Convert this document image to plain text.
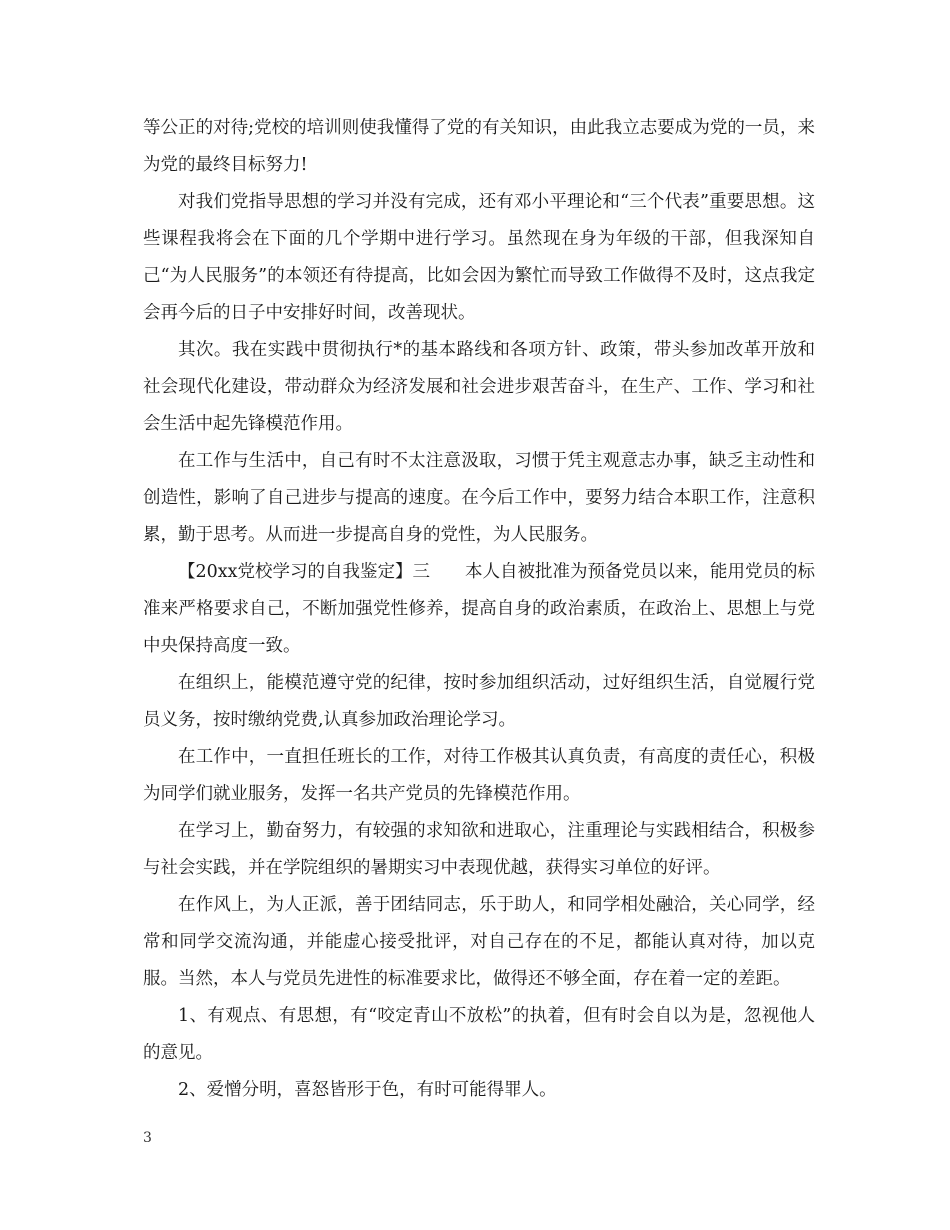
等公正的对待;党校的培训则使我懂得了党的有关知识，由此我立志要成为党的一员，来为党的最终目标努力!

对我们党指导思想的学习并没有完成，还有邓小平理论和“三个代表”重要思想。这些课程我将会在下面的几个学期中进行学习。虽然现在身为年级的干部，但我深知自己“为人民服务”的本领还有待提高，比如会因为繁忙而导致工作做得不及时，这点我定会再今后的日子中安排好时间，改善现状。

其次。我在实践中贯彻执行*的基本路线和各项方针、政策，带头参加改革开放和社会现代化建设，带动群众为经济发展和社会进步艰苦奋斗，在生产、工作、学习和社会生活中起先锋模范作用。

在工作与生活中，自己有时不太注意汲取，习惯于凭主观意志办事，缺乏主动性和创造性，影响了自己进步与提高的速度。在今后工作中，要努力结合本职工作，注意积累，勤于思考。从而进一步提高自身的党性，为人民服务。

【20xx党校学习的自我鉴定】三　　本人自被批准为预备党员以来，能用党员的标准来严格要求自己，不断加强党性修养，提高自身的政治素质，在政治上、思想上与党中央保持高度一致。

在组织上，能模范遵守党的纪律，按时参加组织活动，过好组织生活，自觉履行党员义务，按时缴纳党费,认真参加政治理论学习。

在工作中，一直担任班长的工作，对待工作极其认真负责，有高度的责任心，积极为同学们就业服务，发挥一名共产党员的先锋模范作用。

在学习上，勤奋努力，有较强的求知欲和进取心，注重理论与实践相结合，积极参与社会实践，并在学院组织的暑期实习中表现优越，获得实习单位的好评。

在作风上，为人正派，善于团结同志，乐于助人，和同学相处融洽，关心同学，经常和同学交流沟通，并能虚心接受批评，对自己存在的不足，都能认真对待，加以克服。当然，本人与党员先进性的标准要求比，做得还不够全面，存在着一定的差距。

1、有观点、有思想，有“咬定青山不放松”的执着，但有时会自以为是，忽视他人的意见。

2、爱憎分明，喜怒皆形于色，有时可能得罪人。

3
